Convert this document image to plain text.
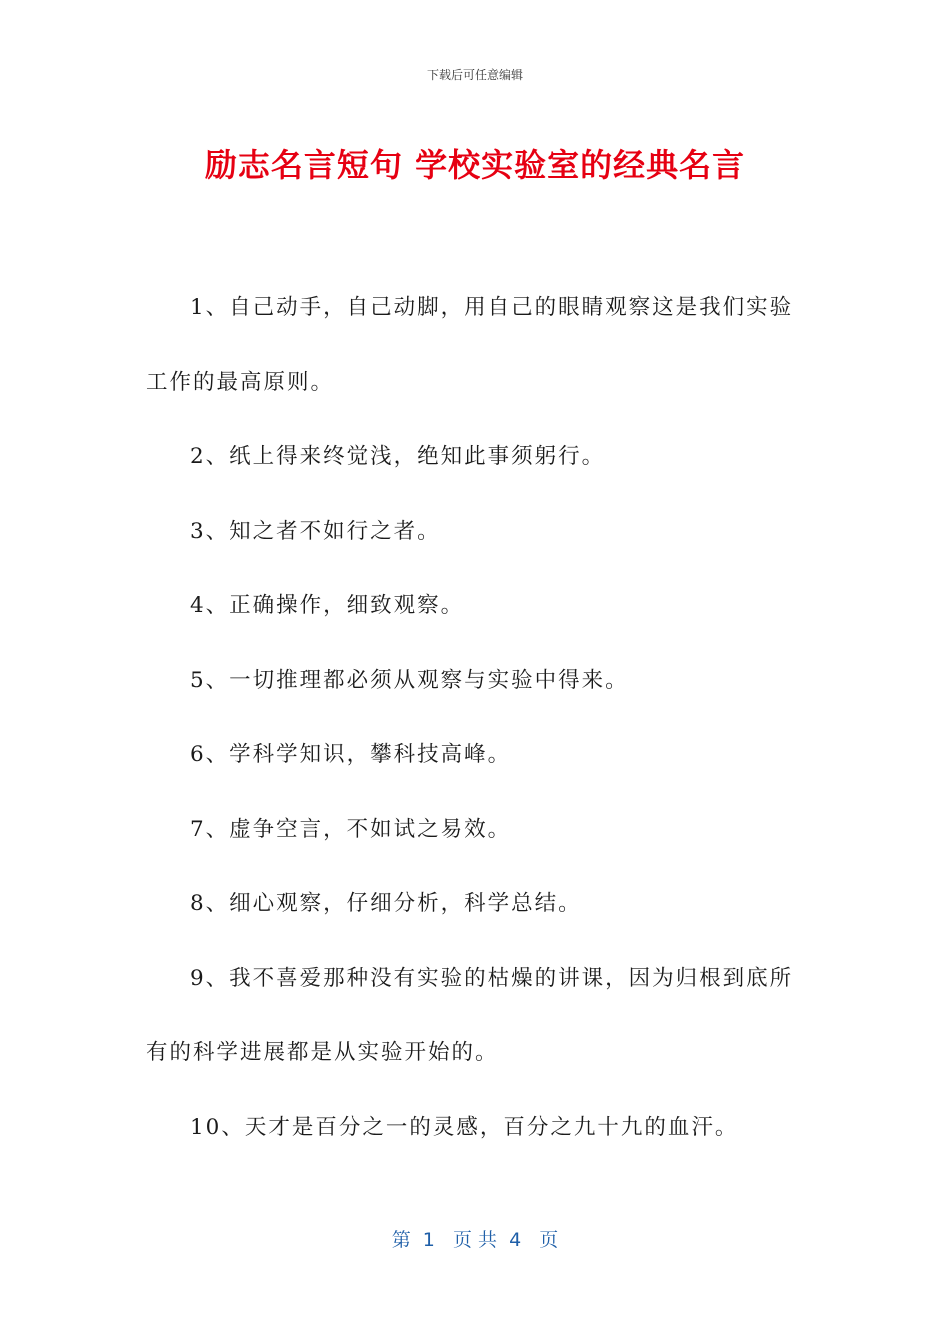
下载后可任意编辑
励志名言短句 学校实验室的经典名言

1、自己动手，自己动脚，用自己的眼睛观察这是我们实验工作的最高原则。

2、纸上得来终觉浅，绝知此事须躬行。

3、知之者不如行之者。

4、正确操作，细致观察。

5、一切推理都必须从观察与实验中得来。

6、学科学知识，攀科技高峰。

7、虚争空言，不如试之易效。

8、细心观察，仔细分析，科学总结。

9、我不喜爱那种没有实验的枯燥的讲课，因为归根到底所有的科学进展都是从实验开始的。

10、天才是百分之一的灵感，百分之九十九的血汗。

第  1   页 共  4   页
